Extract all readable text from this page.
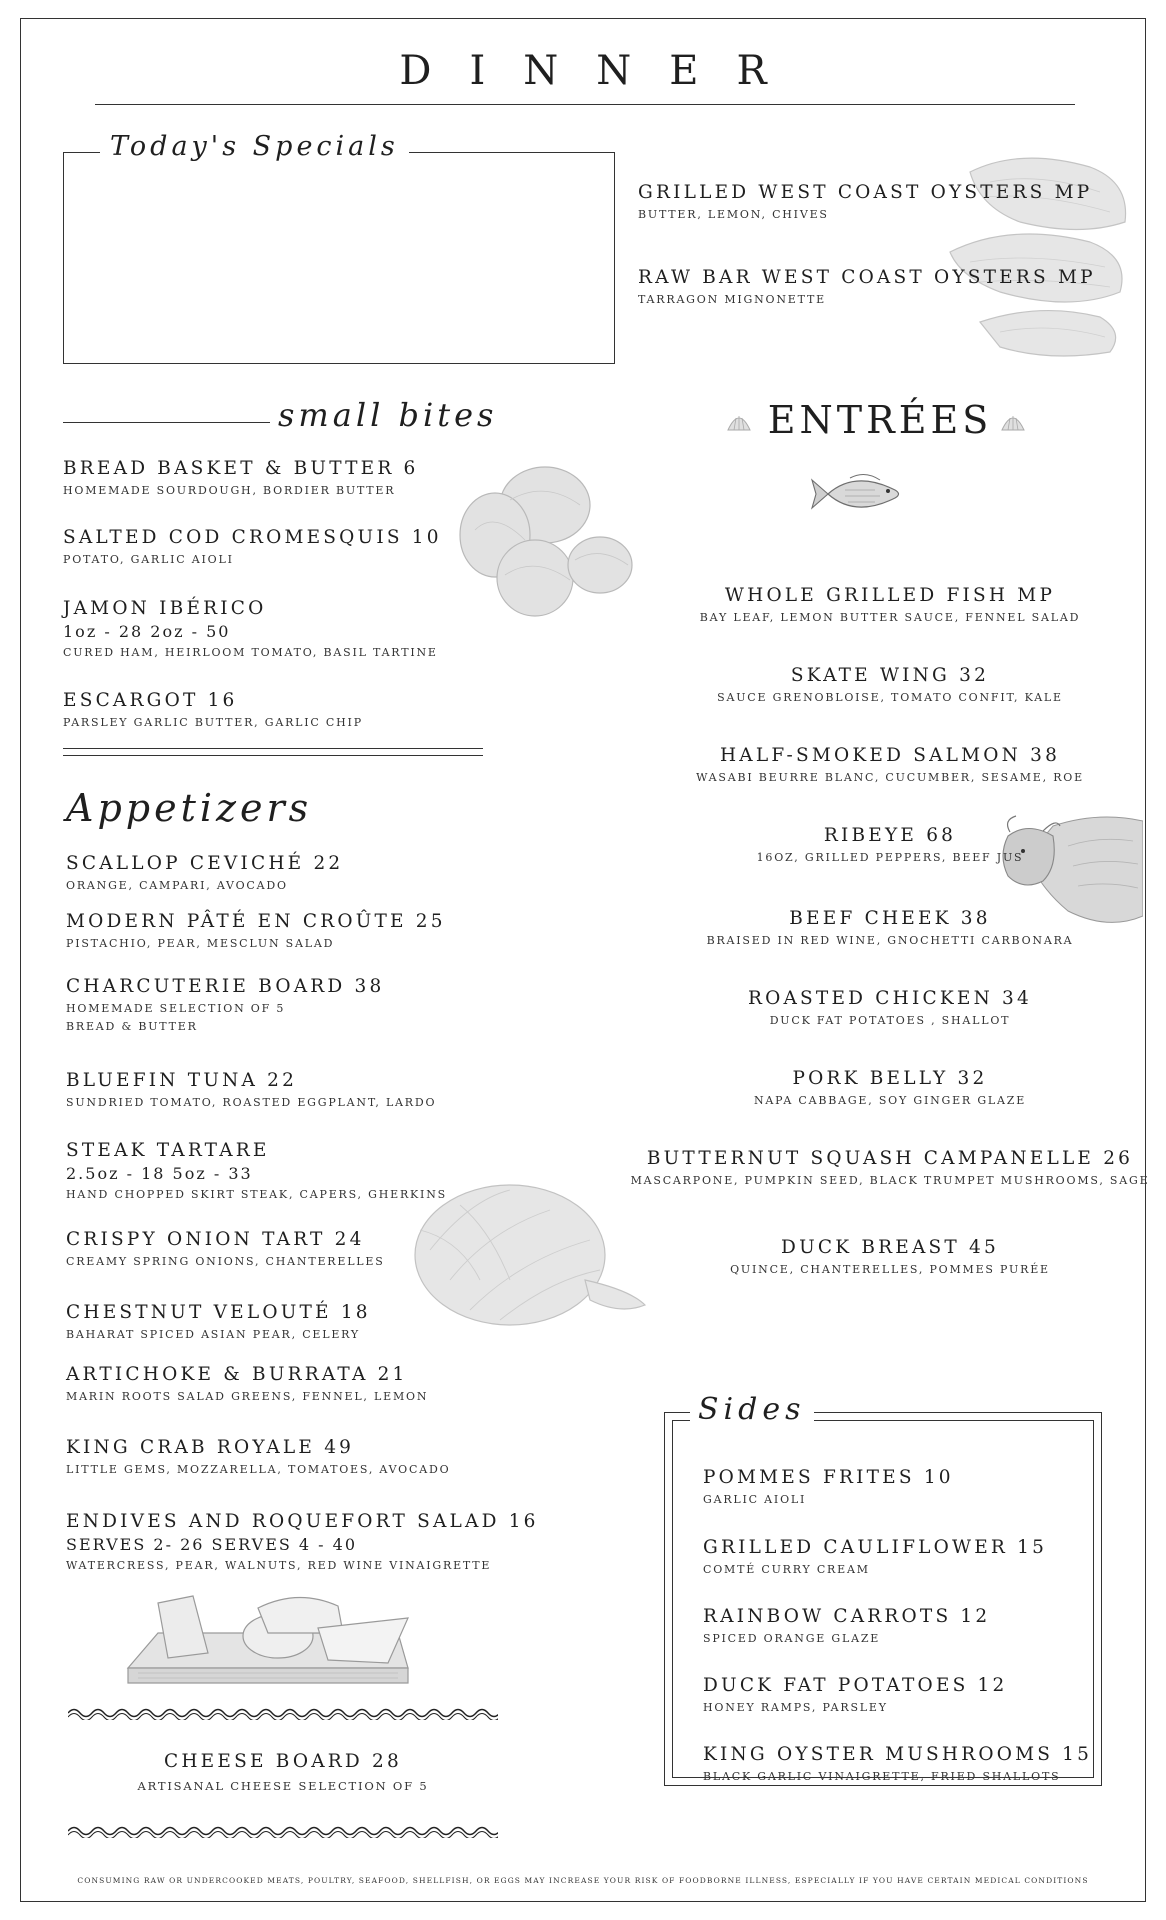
DINNER
Today's Specials
GRILLED WEST COAST OYSTERS MP
BUTTER, LEMON, CHIVES
RAW BAR WEST COAST OYSTERS MP
TARRAGON MIGNONETTE
small bites
BREAD BASKET & BUTTER 6
HOMEMADE SOURDOUGH, BORDIER BUTTER
SALTED COD CROMESQUIS 10
POTATO, GARLIC AIOLI
JAMON IBÉRICO
1oz - 28 2oz - 50
CURED HAM, HEIRLOOM TOMATO, BASIL TARTINE
ESCARGOT 16
PARSLEY GARLIC BUTTER, GARLIC CHIP
Appetizers
SCALLOP CEVICHÉ 22
ORANGE, CAMPARI, AVOCADO
MODERN PÂTÉ EN CROÛTE 25
PISTACHIO, PEAR, MESCLUN SALAD
CHARCUTERIE BOARD 38
HOMEMADE SELECTION OF 5
BREAD & BUTTER
BLUEFIN TUNA 22
SUNDRIED TOMATO, ROASTED EGGPLANT, LARDO
STEAK TARTARE
2.5oz - 18 5oz - 33
HAND CHOPPED SKIRT STEAK, CAPERS, GHERKINS
CRISPY ONION TART 24
CREAMY SPRING ONIONS, CHANTERELLES
CHESTNUT VELOUTÉ 18
BAHARAT SPICED ASIAN PEAR, CELERY
ARTICHOKE & BURRATA 21
MARIN ROOTS SALAD GREENS, FENNEL, LEMON
KING CRAB ROYALE 49
LITTLE GEMS, MOZZARELLA, TOMATOES, AVOCADO
ENDIVES AND ROQUEFORT SALAD 16
SERVES 2- 26 SERVES 4 - 40
WATERCRESS, PEAR, WALNUTS, RED WINE VINAIGRETTE
CHEESE BOARD 28
ARTISANAL CHEESE SELECTION OF 5
ENTRÉES
WHOLE GRILLED FISH MP
BAY LEAF, LEMON BUTTER SAUCE, FENNEL SALAD
SKATE WING 32
SAUCE GRENOBLOISE, TOMATO CONFIT, KALE
HALF-SMOKED SALMON 38
WASABI BEURRE BLANC, CUCUMBER, SESAME, ROE
RIBEYE 68
16OZ, GRILLED PEPPERS, BEEF JUS
BEEF CHEEK 38
BRAISED IN RED WINE, GNOCHETTI CARBONARA
ROASTED CHICKEN 34
DUCK FAT POTATOES , SHALLOT
PORK BELLY 32
NAPA CABBAGE, SOY GINGER GLAZE
BUTTERNUT SQUASH CAMPANELLE 26
MASCARPONE, PUMPKIN SEED, BLACK TRUMPET MUSHROOMS, SAGE
DUCK BREAST 45
QUINCE, CHANTERELLES, POMMES PURÉE
Sides
POMMES FRITES 10
GARLIC AIOLI
GRILLED CAULIFLOWER 15
COMTÉ CURRY CREAM
RAINBOW CARROTS 12
SPICED ORANGE GLAZE
DUCK FAT POTATOES 12
HONEY RAMPS, PARSLEY
KING OYSTER MUSHROOMS 15
BLACK GARLIC VINAIGRETTE, FRIED SHALLOTS
CONSUMING RAW OR UNDERCOOKED MEATS, POULTRY, SEAFOOD, SHELLFISH, OR EGGS MAY INCREASE YOUR RISK OF FOODBORNE ILLNESS, ESPECIALLY IF YOU HAVE CERTAIN MEDICAL CONDITIONS
